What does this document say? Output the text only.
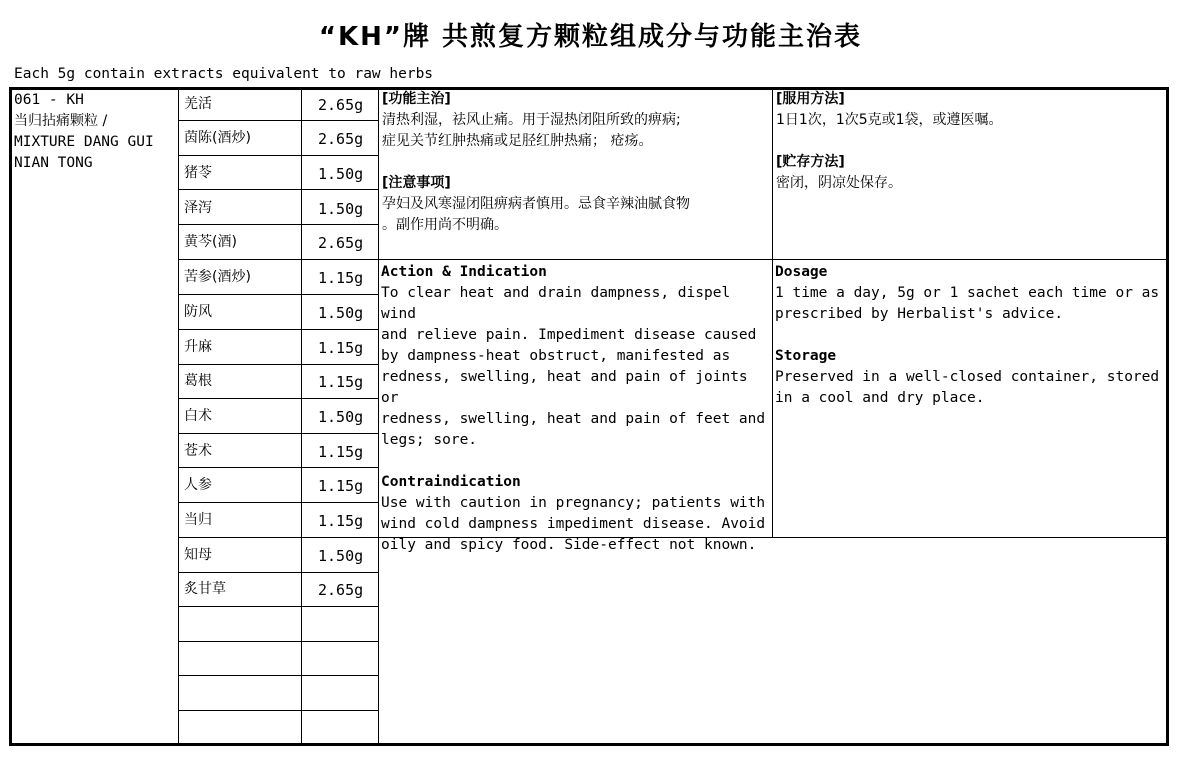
“KH”牌 共煎复方颗粒组成分与功能主治表
Each 5g contain extracts equivalent to raw herbs
061 - KH
当归拈痛颗粒 /
MIXTURE DANG GUI
NIAN TONG
羌活	2.65g
茵陈(酒炒)	2.65g
猪苓	1.50g
泽泻	1.50g
黄芩(酒)	2.65g
苦参(酒炒)	1.15g
防风	1.50g
升麻	1.15g
葛根	1.15g
白术	1.50g
苍术	1.15g
人参	1.15g
当归	1.15g
知母	1.50g
炙甘草	2.65g
[功能主治]
清热利湿，祛风止痛。用于湿热闭阻所致的痹病;
症见关节红肿热痛或足胫红肿热痛； 疮疡。
[注意事项]
孕妇及风寒湿闭阻痹病者慎用。忌食辛辣油腻食物
。副作用尚不明确。
[服用方法]
1日1次，1次5克或1袋，或遵医嘱。
[贮存方法]
密闭，阴凉处保存。
Action & Indication
To clear heat and drain dampness, dispel wind
and relieve pain. Impediment disease caused
by dampness-heat obstruct, manifested as
redness, swelling, heat and pain of joints or
redness, swelling, heat and pain of feet and
legs; sore.
Contraindication
Use with caution in pregnancy; patients with
wind cold dampness impediment disease. Avoid
oily and spicy food. Side-effect not known.
Dosage
1 time a day, 5g or 1 sachet each time or as
prescribed by Herbalist's advice.
Storage
Preserved in a well-closed container, stored
in a cool and dry place.
